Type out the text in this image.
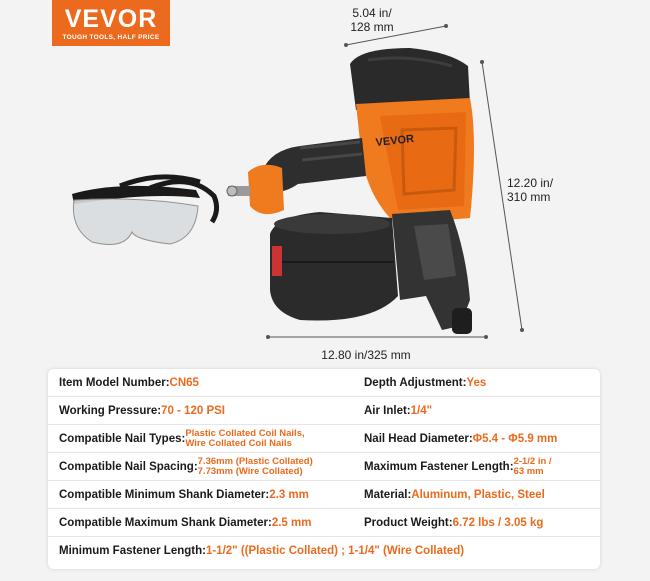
VEVOR
TOUGH TOOLS, HALF PRICE
VEVOR
5.04 in/
128 mm
12.20 in/
310 mm
12.80 in/325 mm
Item Model Number: CN65	Depth Adjustment: Yes
Working Pressure: 70 - 120 PSI	Air Inlet: 1/4"
Compatible Nail Types: Plastic Collated Coil Nails,
Wire Collated Coil Nails	Nail Head Diameter: Φ5.4 - Φ5.9 mm
Compatible Nail Spacing: 7.36mm (Plastic Collated)
7.73mm (Wire Collated)	Maximum Fastener Length: 2-1/2 in /
63 mm
Compatible Minimum Shank Diameter: 2.3 mm	Material: Aluminum, Plastic, Steel
Compatible Maximum Shank Diameter: 2.5 mm	Product Weight: 6.72 lbs / 3.05 kg
Minimum Fastener Length: 1-1/2" ((Plastic Collated) ; 1-1/4" (Wire Collated)
